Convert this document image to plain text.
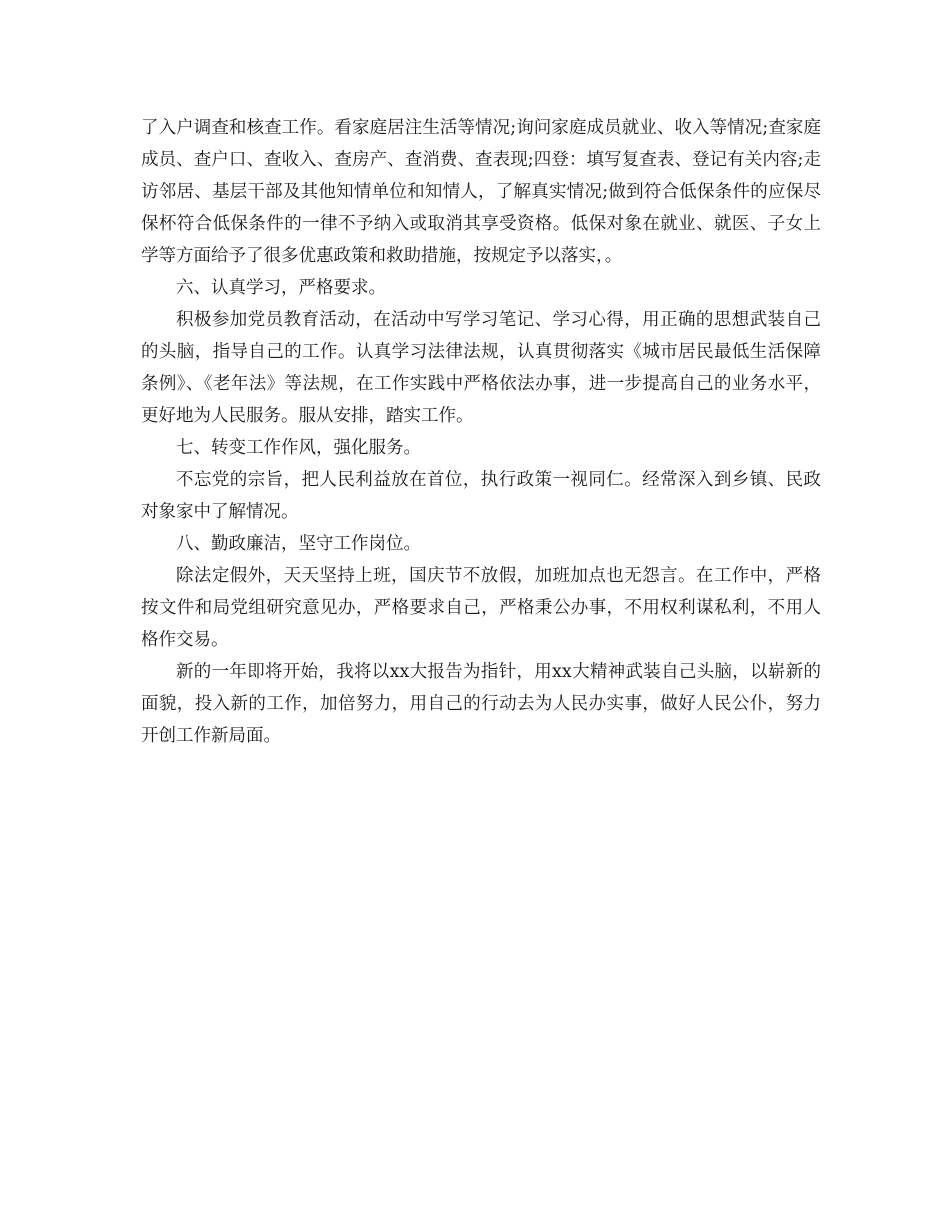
了入户调查和核查工作。看家庭居注生活等情况;询问家庭成员就业、收入等情况;查家庭成员、查户口、查收入、查房产、查消费、查表现;四登：填写复查表、登记有关内容;走访邻居、基层干部及其他知情单位和知情人，了解真实情况;做到符合低保条件的应保尽保杯符合低保条件的一律不予纳入或取消其享受资格。低保对象在就业、就医、子女上学等方面给予了很多优惠政策和救助措施，按规定予以落实，。

六、认真学习，严格要求。

积极参加党员教育活动，在活动中写学习笔记、学习心得，用正确的思想武装自己的头脑，指导自己的工作。认真学习法律法规，认真贯彻落实《城市居民最低生活保障条例》、《老年法》等法规，在工作实践中严格依法办事，进一步提高自己的业务水平，更好地为人民服务。服从安排，踏实工作。

七、转变工作作风，强化服务。

不忘党的宗旨，把人民利益放在首位，执行政策一视同仁。经常深入到乡镇、民政对象家中了解情况。

八、勤政廉洁，坚守工作岗位。

除法定假外，天天坚持上班，国庆节不放假，加班加点也无怨言。在工作中，严格按文件和局党组研究意见办，严格要求自己，严格秉公办事，不用权利谋私利，不用人格作交易。

新的一年即将开始，我将以xx大报告为指针，用xx大精神武装自己头脑，以崭新的面貌，投入新的工作，加倍努力，用自己的行动去为人民办实事，做好人民公仆，努力开创工作新局面。
